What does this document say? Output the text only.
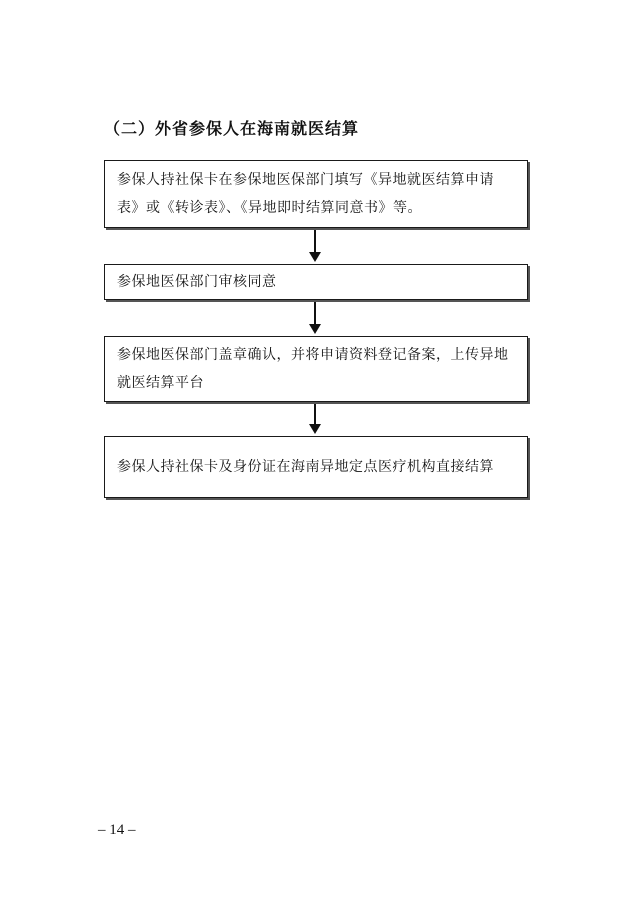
（二）外省参保人在海南就医结算
参保人持社保卡在参保地医保部门填写《异地就医结算申请表》或《转诊表》、《异地即时结算同意书》等。
参保地医保部门审核同意
参保地医保部门盖章确认，并将申请资料登记备案，上传异地就医结算平台
参保人持社保卡及身份证在海南异地定点医疗机构直接结算
– 14 –
